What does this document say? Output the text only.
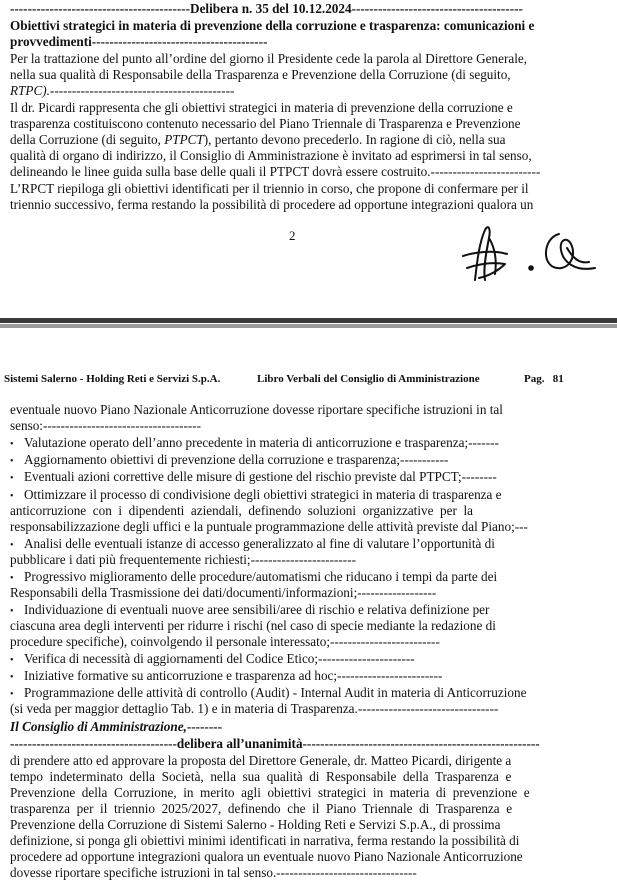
-----------------------------------------Delibera n. 35 del 10.12.2024---------------------------------------
Obiettivi strategici in materia di prevenzione della corruzione e trasparenza: comunicazioni e
provvedimenti----------------------------------------
Per la trattazione del punto all’ordine del giorno il Presidente cede la parola al Direttore Generale,
nella sua qualità di Responsabile della Trasparenza e Prevenzione della Corruzione (di seguito,
RTPC).------------------------------------------
Il dr. Picardi rappresenta che gli obiettivi strategici in materia di prevenzione della corruzione e
trasparenza costituiscono contenuto necessario del Piano Triennale di Trasparenza e Prevenzione
della Corruzione (di seguito, PTPCT), pertanto devono precederlo. In ragione di ciò, nella sua
qualità di organo di indirizzo, il Consiglio di Amministrazione è invitato ad esprimersi in tal senso,
delineando le linee guida sulla base delle quali il PTPCT dovrà essere costruito.-------------------------
L’RPCT riepiloga gli obiettivi identificati per il triennio in corso, che propone di confermare per il
triennio successivo, ferma restando la possibilità di procedere ad opportune integrazioni qualora un
2
Sistemi Salerno - Holding Reti e Servizi S.p.A.	Libro Verbali del Consiglio di Amministrazione	Pag.   81
eventuale nuovo Piano Nazionale Anticorruzione dovesse riportare specifiche istruzioni in tal
senso:------------------------------------
• Valutazione operato dell’anno precedente in materia di anticorruzione e trasparenza;-------
• Aggiornamento obiettivi di prevenzione della corruzione e trasparenza;-----------
• Eventuali azioni correttive delle misure di gestione del rischio previste dal PTPCT;--------
• Ottimizzare il processo di condivisione degli obiettivi strategici in materia di trasparenza e
anticorruzione  con  i  dipendenti  aziendali,  definendo  soluzioni  organizzative  per  la
responsabilizzazione degli uffici e la puntuale programmazione delle attività previste dal Piano;---
• Analisi delle eventuali istanze di accesso generalizzato al fine di valutare l’opportunità di
pubblicare i dati più frequentemente richiesti;------------------------
• Progressivo miglioramento delle procedure/automatismi che riducano i tempi da parte dei
Responsabili della Trasmissione dei dati/documenti/informazioni;------------------
• Individuazione di eventuali nuove aree sensibili/aree di rischio e relativa definizione per
ciascuna area degli interventi per ridurre i rischi (nel caso di specie mediante la redazione di
procedure specifiche), coinvolgendo il personale interessato;-------------------------
• Verifica di necessità di aggiornamenti del Codice Etico;----------------------
• Iniziative formative su anticorruzione e trasparenza ad hoc;------------------------
• Programmazione delle attività di controllo (Audit) - Internal Audit in materia di Anticorruzione
(si veda per maggior dettaglio Tab. 1) e in materia di Trasparenza.--------------------------------
Il Consiglio di Amministrazione,--------
--------------------------------------delibera all’unanimità------------------------------------------------------
di prendere atto ed approvare la proposta del Direttore Generale, dr. Matteo Picardi, dirigente a
tempo  indeterminato  della  Società,  nella  sua  qualità  di  Responsabile  della  Trasparenza  e
Prevenzione  della  Corruzione,  in  merito  agli  obiettivi  strategici  in  materia  di  prevenzione  e
trasparenza  per  il  triennio  2025/2027,  definendo  che  il  Piano  Triennale  di  Trasparenza  e
Prevenzione della Corruzione di Sistemi Salerno - Holding Reti e Servizi S.p.A., di prossima
definizione, si ponga gli obiettivi minimi identificati in narrativa, ferma restando la possibilità di
procedere ad opportune integrazioni qualora un eventuale nuovo Piano Nazionale Anticorruzione
dovesse riportare specifiche istruzioni in tal senso.--------------------------------
